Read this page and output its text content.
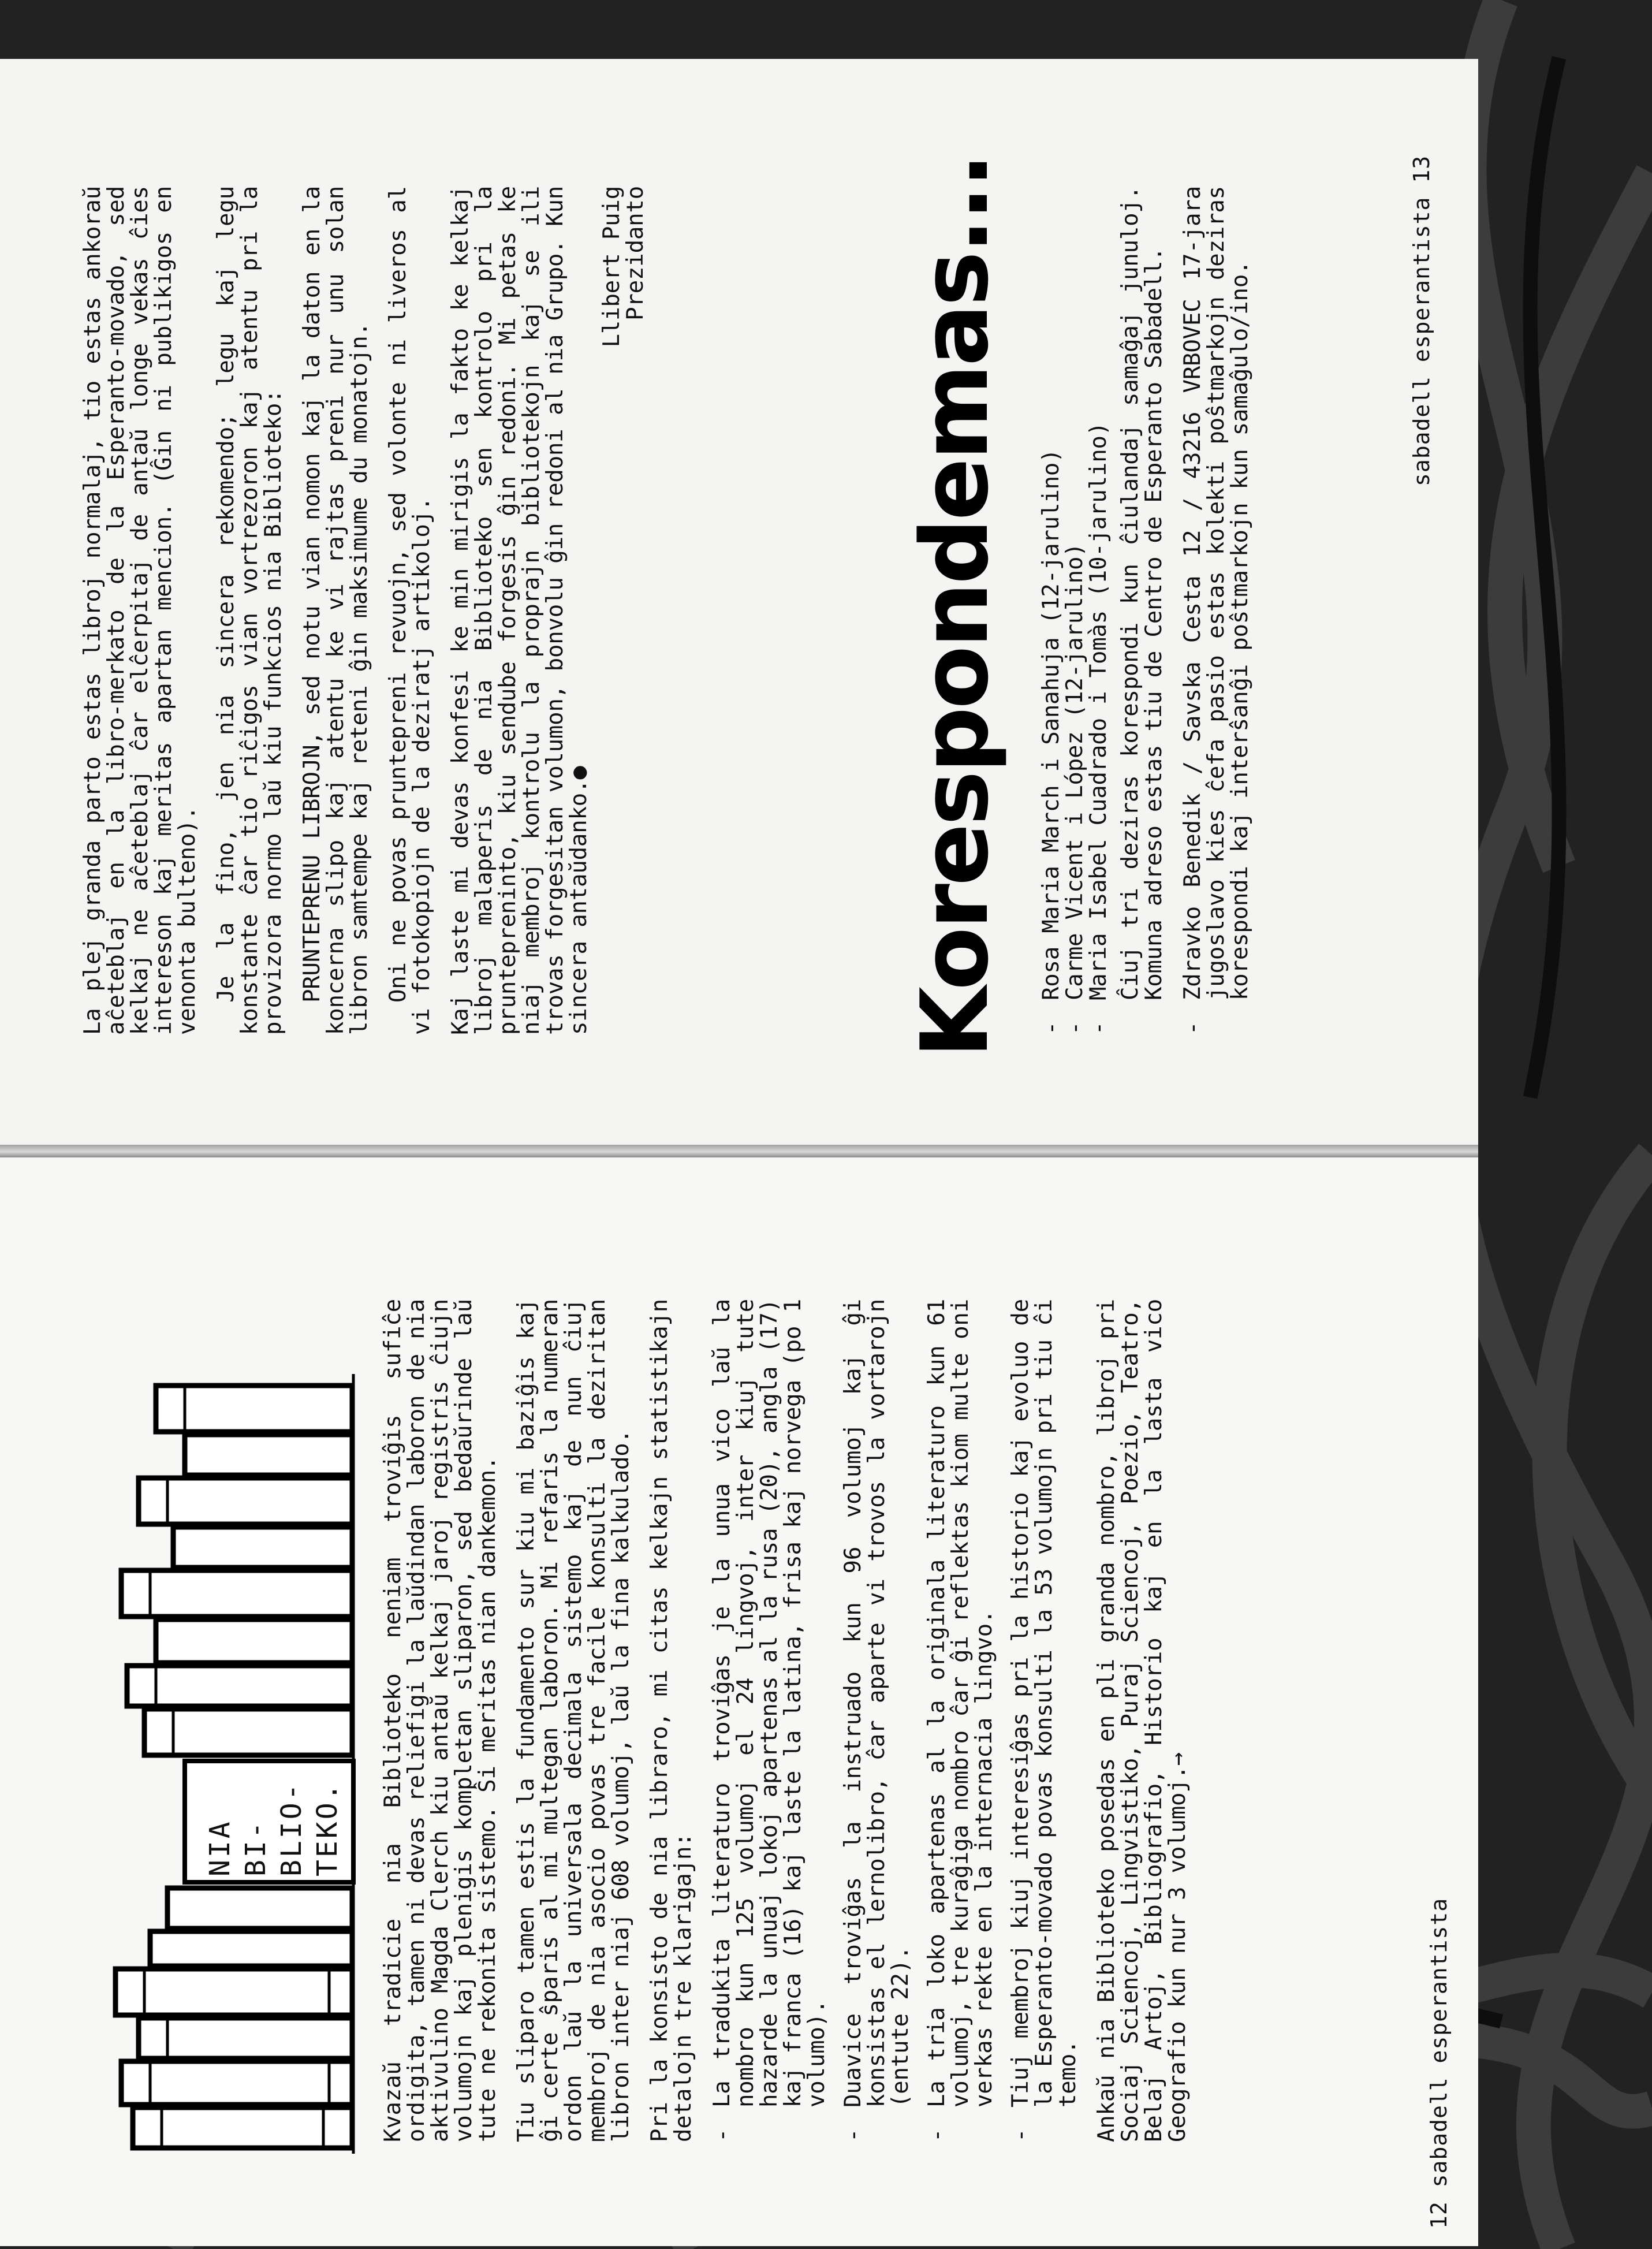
NIA BI- BLIO- TEKO. Kvazaŭ tradicie nia Biblioteko neniam troviĝis sufiĉe ordigita, tamen ni devas reliefigi la laŭdindan laboron de nia aktivulino Magda Clerch kiu antaŭ kelkaj jaroj registris ĉiujn volumojn kaj plenigis kompletan sliparon, sed bedaŭrinde laŭ tute ne rekonita sistemo. Ŝi meritas nian dankemon. Tiu sliparo tamen estis la fundamento sur kiu mi baziĝis kaj ĝi certe ŝparis al mi multegan laboron. Mi refaris la numeran ordon laŭ la universala decimala sistemo kaj de nun ĉiuj membroj de nia asocio povas tre facile konsulti la deziritan libron inter niaj 608 volumoj, laŭ la fina kalkulado. Pri la konsisto de nia libraro, mi citas kelkajn statistikajn detalojn tre klarigajn: - La tradukita literaturo troviĝas je la unua vico laŭ la nombro kun 125 volumoj el 24 lingvoj, inter kiuj tute hazarde la unuaj lokoj apartenas al la rusa (20), angla (17) kaj franca (16) kaj laste la latina, frisa kaj norvega (po 1 volumo). - Duavice troviĝas la instruado kun 96 volumoj kaj ĝi konsistas el lernolibro, ĉar aparte vi trovos la vortarojn (entute 22). - La tria loko apartenas al la originala literaturo kun 61 volumoj, tre kuraĝiga nombro ĉar ĝi reflektas kiom multe oni verkas rekte en la internacia lingvo. - Tiuj membroj kiuj interesiĝas pri la historio kaj evoluo de la Esperanto-movado povas konsulti la 53 volumojn pri tiu ĉi temo. Ankaŭ nia Biblioteko posedas en pli granda nombro, libroj pri Sociaj Sciencoj, Lingvistiko, Puraj Sciencoj, Poezio, Teatro, Belaj Artoj, Bibliografio, Historio kaj en la lasta vico Geografio kun nur 3 volumoj.→	12 sabadell esperantista

La plej granda parto estas libroj normalaj, tio estas ankoraŭ aĉeteblaj en la libro-merkato de la Esperanto-movado, sed kelkaj ne aĉeteblaj ĉar elĉerpitaj de antaŭ longe vekas ĉies intereson kaj meritas apartan mencion. (Ĝin ni publikigos en venonta bulteno). Je la fino, jen nia sincera rekomendo; legu kaj legu konstante ĉar tio riĉigos vian vortrezoron kaj atentu pri la provizora normo laŭ kiu funkcios nia Biblioteko: PRUNTEPRENU LIBROJN, sed notu vian nomon kaj la daton en la koncerna slipo kaj atentu ke vi rajtas preni nur unu solan libron samtempe kaj reteni ĝin maksimume du monatojn. Oni ne povas pruntepreni revuojn, sed volonte ni liveros al vi fotokopiojn de la deziratj artikoloj. Kaj laste mi devas konfesi ke min mirigis la fakto ke kelkaj libroj malaperis de nia Biblioteko sen kontrolo pri la pruntepreninto, kiu sendube forgesis ĝin redoni. Mi petas ke niaj membroj kontrolu la proprajn bibliotekojn kaj se ili trovas forgesitan volumon, bonvolu ĝin redoni al nia Grupo. Kun sincera antaŭdanko.●

Llibert Puig
Prezidanto	Korespondemas... - Rosa Maria March i Sanahuja (12-jarulino)
- Carme Vicent i López (12-jarulino)
- Maria Isabel Cuadrado i Tomàs (10-jarulino) Ĉiuj tri deziras korespondi kun ĉiulandaj samaĝaj junuloj. Komuna adreso estas tiu de Centro de Esperanto Sabadell. - Zdravko Benedik / Savska Cesta 12 / 43216 VRBOVEC 17-jara jugoslavo kies ĉefa pasio estas kolekti poŝtmarkojn deziras korespondi kaj interŝanĝi poŝtmarkojn kun samaĝulo/ino.	sabadell esperantista 13
